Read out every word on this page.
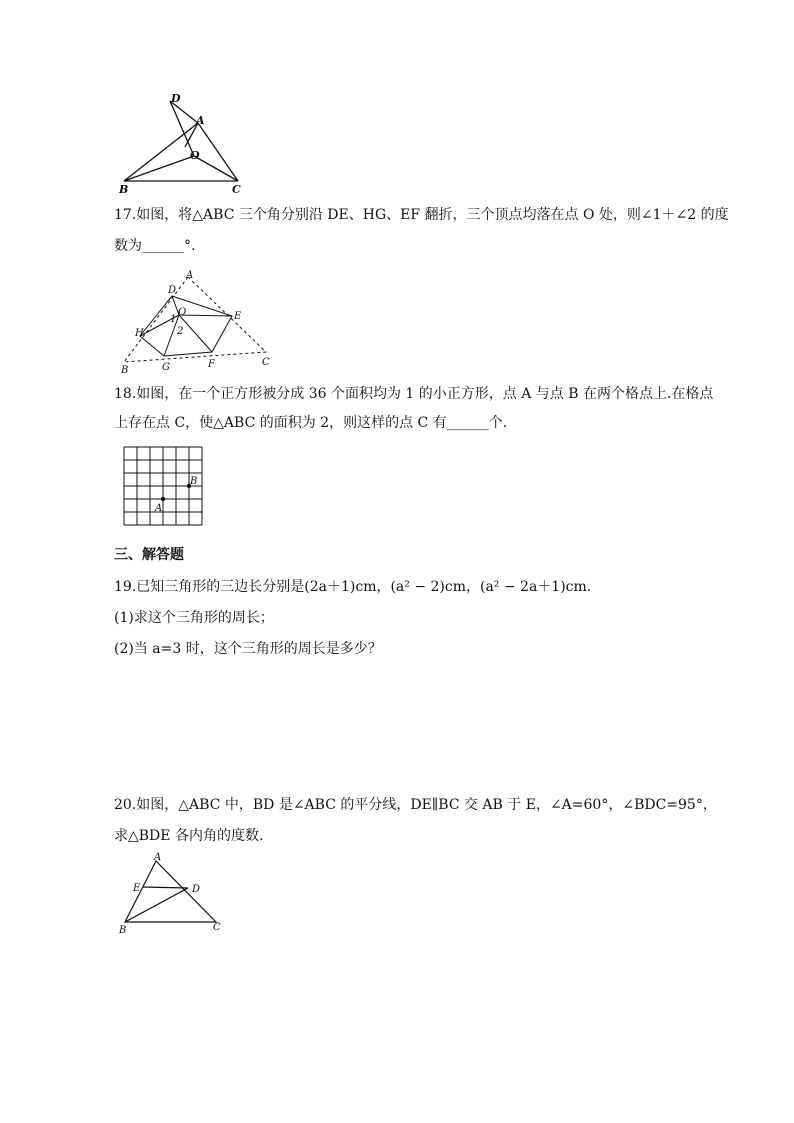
D
A
O
B	C
17.如图，将△ABC 三个角分别沿 DE、HG、EF 翻折，三个顶点均落在点 O 处，则∠1＋∠2 的度
数为______°.
A
D
O	E
H
1
2
B	G	F	C
18.如图，在一个正方形被分成 36 个面积均为 1 的小正方形，点 A 与点 B 在两个格点上.在格点
上存在点 C，使△ABC 的面积为 2，则这样的点 C 有______个.
A
B
三、解答题
19.已知三角形的三边长分别是(2a＋1)cm，(a² − 2)cm，(a² − 2a＋1)cm.
(1)求这个三角形的周长；
(2)当 a=3 时，这个三角形的周长是多少？
20.如图，△ABC 中，BD 是∠ABC 的平分线，DE∥BC 交 AB 于 E，∠A=60°，∠BDC=95°，
求△BDE 各内角的度数.
A
E	D
B	C
